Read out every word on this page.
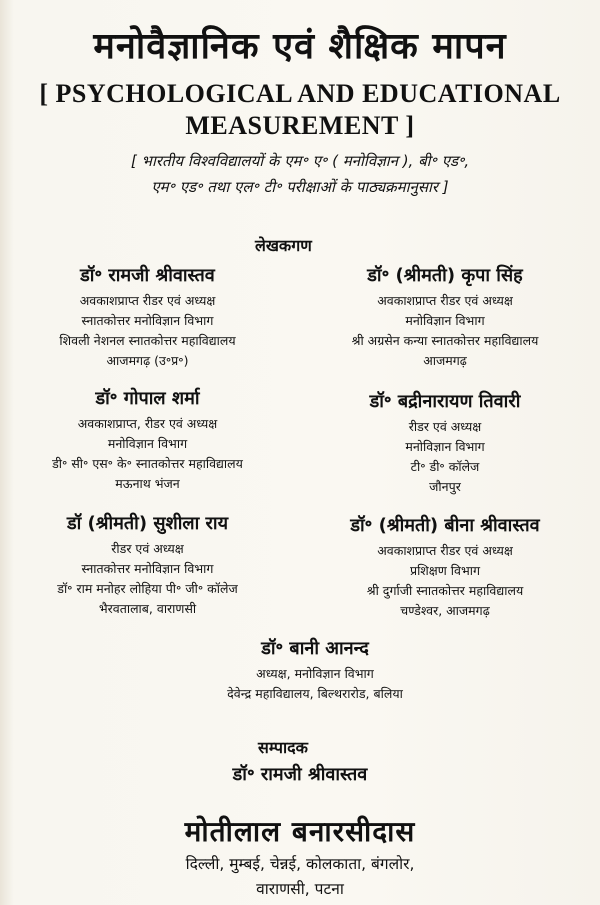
मनोवैज्ञानिक एवं शैक्षिक मापन
[ PSYCHOLOGICAL AND EDUCATIONAL
MEASUREMENT ]
[ भारतीय विश्वविद्यालयों के एम॰ ए॰ ( मनोविज्ञान ), बी॰ एड॰,
एम॰ एड॰ तथा एल॰ टी॰ परीक्षाओं के पाठ्यक्रमानुसार ]
लेखकगण
डॉ॰ रामजी श्रीवास्तव
अवकाशप्राप्त रीडर एवं अध्यक्ष
स्नातकोत्तर मनोविज्ञान विभाग
शिवली नेशनल स्नातकोत्तर महाविद्यालय
आजमगढ़ (उ॰प्र॰)
डॉ॰ (श्रीमती) कृपा सिंह
अवकाशप्राप्त रीडर एवं अध्यक्ष
मनोविज्ञान विभाग
श्री अग्रसेन कन्या स्नातकोत्तर महाविद्यालय
आजमगढ़
डॉ॰ गोपाल शर्मा
अवकाशप्राप्त, रीडर एवं अध्यक्ष
मनोविज्ञान विभाग
डी॰ सी॰ एस॰ के॰ स्नातकोत्तर महाविद्यालय
मऊनाथ भंजन
डॉ॰ बद्रीनारायण तिवारी
रीडर एवं अध्यक्ष
मनोविज्ञान विभाग
टी॰ डी॰ कॉलेज
जौनपुर
डॉ (श्रीमती) सुशीला राय
रीडर एवं अध्यक्ष
स्नातकोत्तर मनोविज्ञान विभाग
डॉ॰ राम मनोहर लोहिया पी॰ जी॰ कॉलेज
भैरवतालाब, वाराणसी
डॉ॰ (श्रीमती) बीना श्रीवास्तव
अवकाशप्राप्त रीडर एवं अध्यक्ष
प्रशिक्षण विभाग
श्री दुर्गाजी स्नातकोत्तर महाविद्यालय
चण्डेश्वर, आजमगढ़
डॉ॰ बानी आनन्द
अध्यक्ष, मनोविज्ञान विभाग
देवेन्द्र महाविद्यालय, बिल्थरारोड, बलिया
सम्पादक
डॉ॰ रामजी श्रीवास्तव
मोतीलाल बनारसीदास
दिल्ली, मुम्बई, चेन्नई, कोलकाता, बंगलोर,
वाराणसी, पटना
